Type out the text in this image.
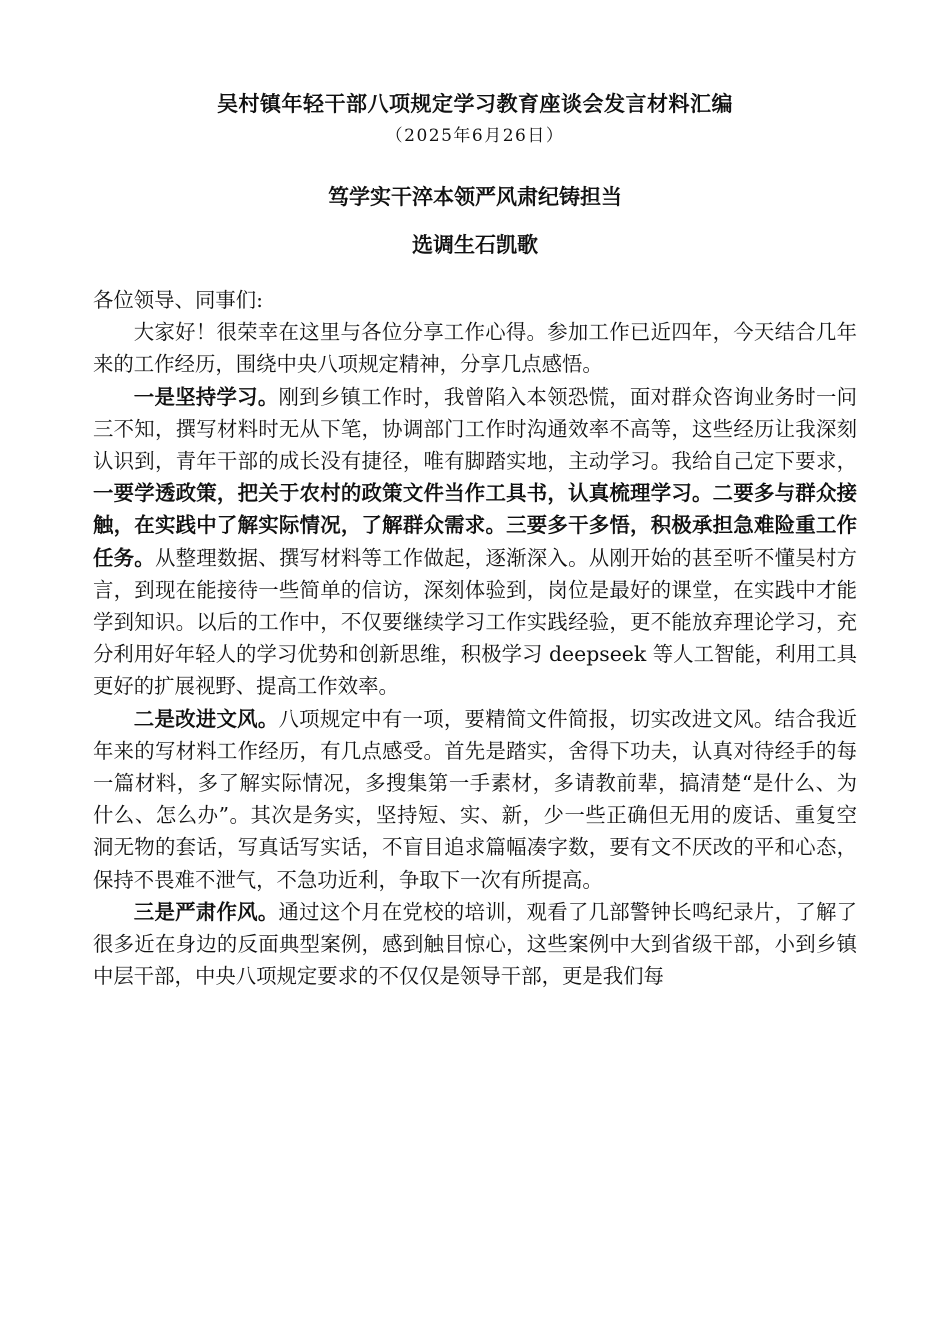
吴村镇年轻干部八项规定学习教育座谈会发言材料汇编
（2025年6月26日）
笃学实干淬本领严风肃纪铸担当
选调生石凯歌

各位领导、同事们:

大家好！很荣幸在这里与各位分享工作心得。参加工作已近四年，今天结合几年来的工作经历，围绕中央八项规定精神，分享几点感悟。

一是坚持学习。刚到乡镇工作时，我曾陷入本领恐慌，面对群众咨询业务时一问三不知，撰写材料时无从下笔，协调部门工作时沟通效率不高等，这些经历让我深刻认识到，青年干部的成长没有捷径，唯有脚踏实地，主动学习。我给自己定下要求，一要学透政策，把关于农村的政策文件当作工具书，认真梳理学习。二要多与群众接触，在实践中了解实际情况，了解群众需求。三要多干多悟，积极承担急难险重工作任务。从整理数据、撰写材料等工作做起，逐渐深入。从刚开始的甚至听不懂吴村方言，到现在能接待一些简单的信访，深刻体验到，岗位是最好的课堂，在实践中才能学到知识。以后的工作中，不仅要继续学习工作实践经验，更不能放弃理论学习，充分利用好年轻人的学习优势和创新思维，积极学习 deepseek 等人工智能，利用工具更好的扩展视野、提高工作效率。

二是改进文风。八项规定中有一项，要精简文件简报，切实改进文风。结合我近年来的写材料工作经历，有几点感受。首先是踏实，舍得下功夫，认真对待经手的每一篇材料，多了解实际情况，多搜集第一手素材，多请教前辈，搞清楚“是什么、为什么、怎么办”。其次是务实，坚持短、实、新，少一些正确但无用的废话、重复空洞无物的套话，写真话写实话，不盲目追求篇幅凑字数，要有文不厌改的平和心态，保持不畏难不泄气，不急功近利，争取下一次有所提高。

三是严肃作风。通过这个月在党校的培训，观看了几部警钟长鸣纪录片，了解了很多近在身边的反面典型案例，感到触目惊心，这些案例中大到省级干部，小到乡镇中层干部，中央八项规定要求的不仅仅是领导干部，更是我们每
